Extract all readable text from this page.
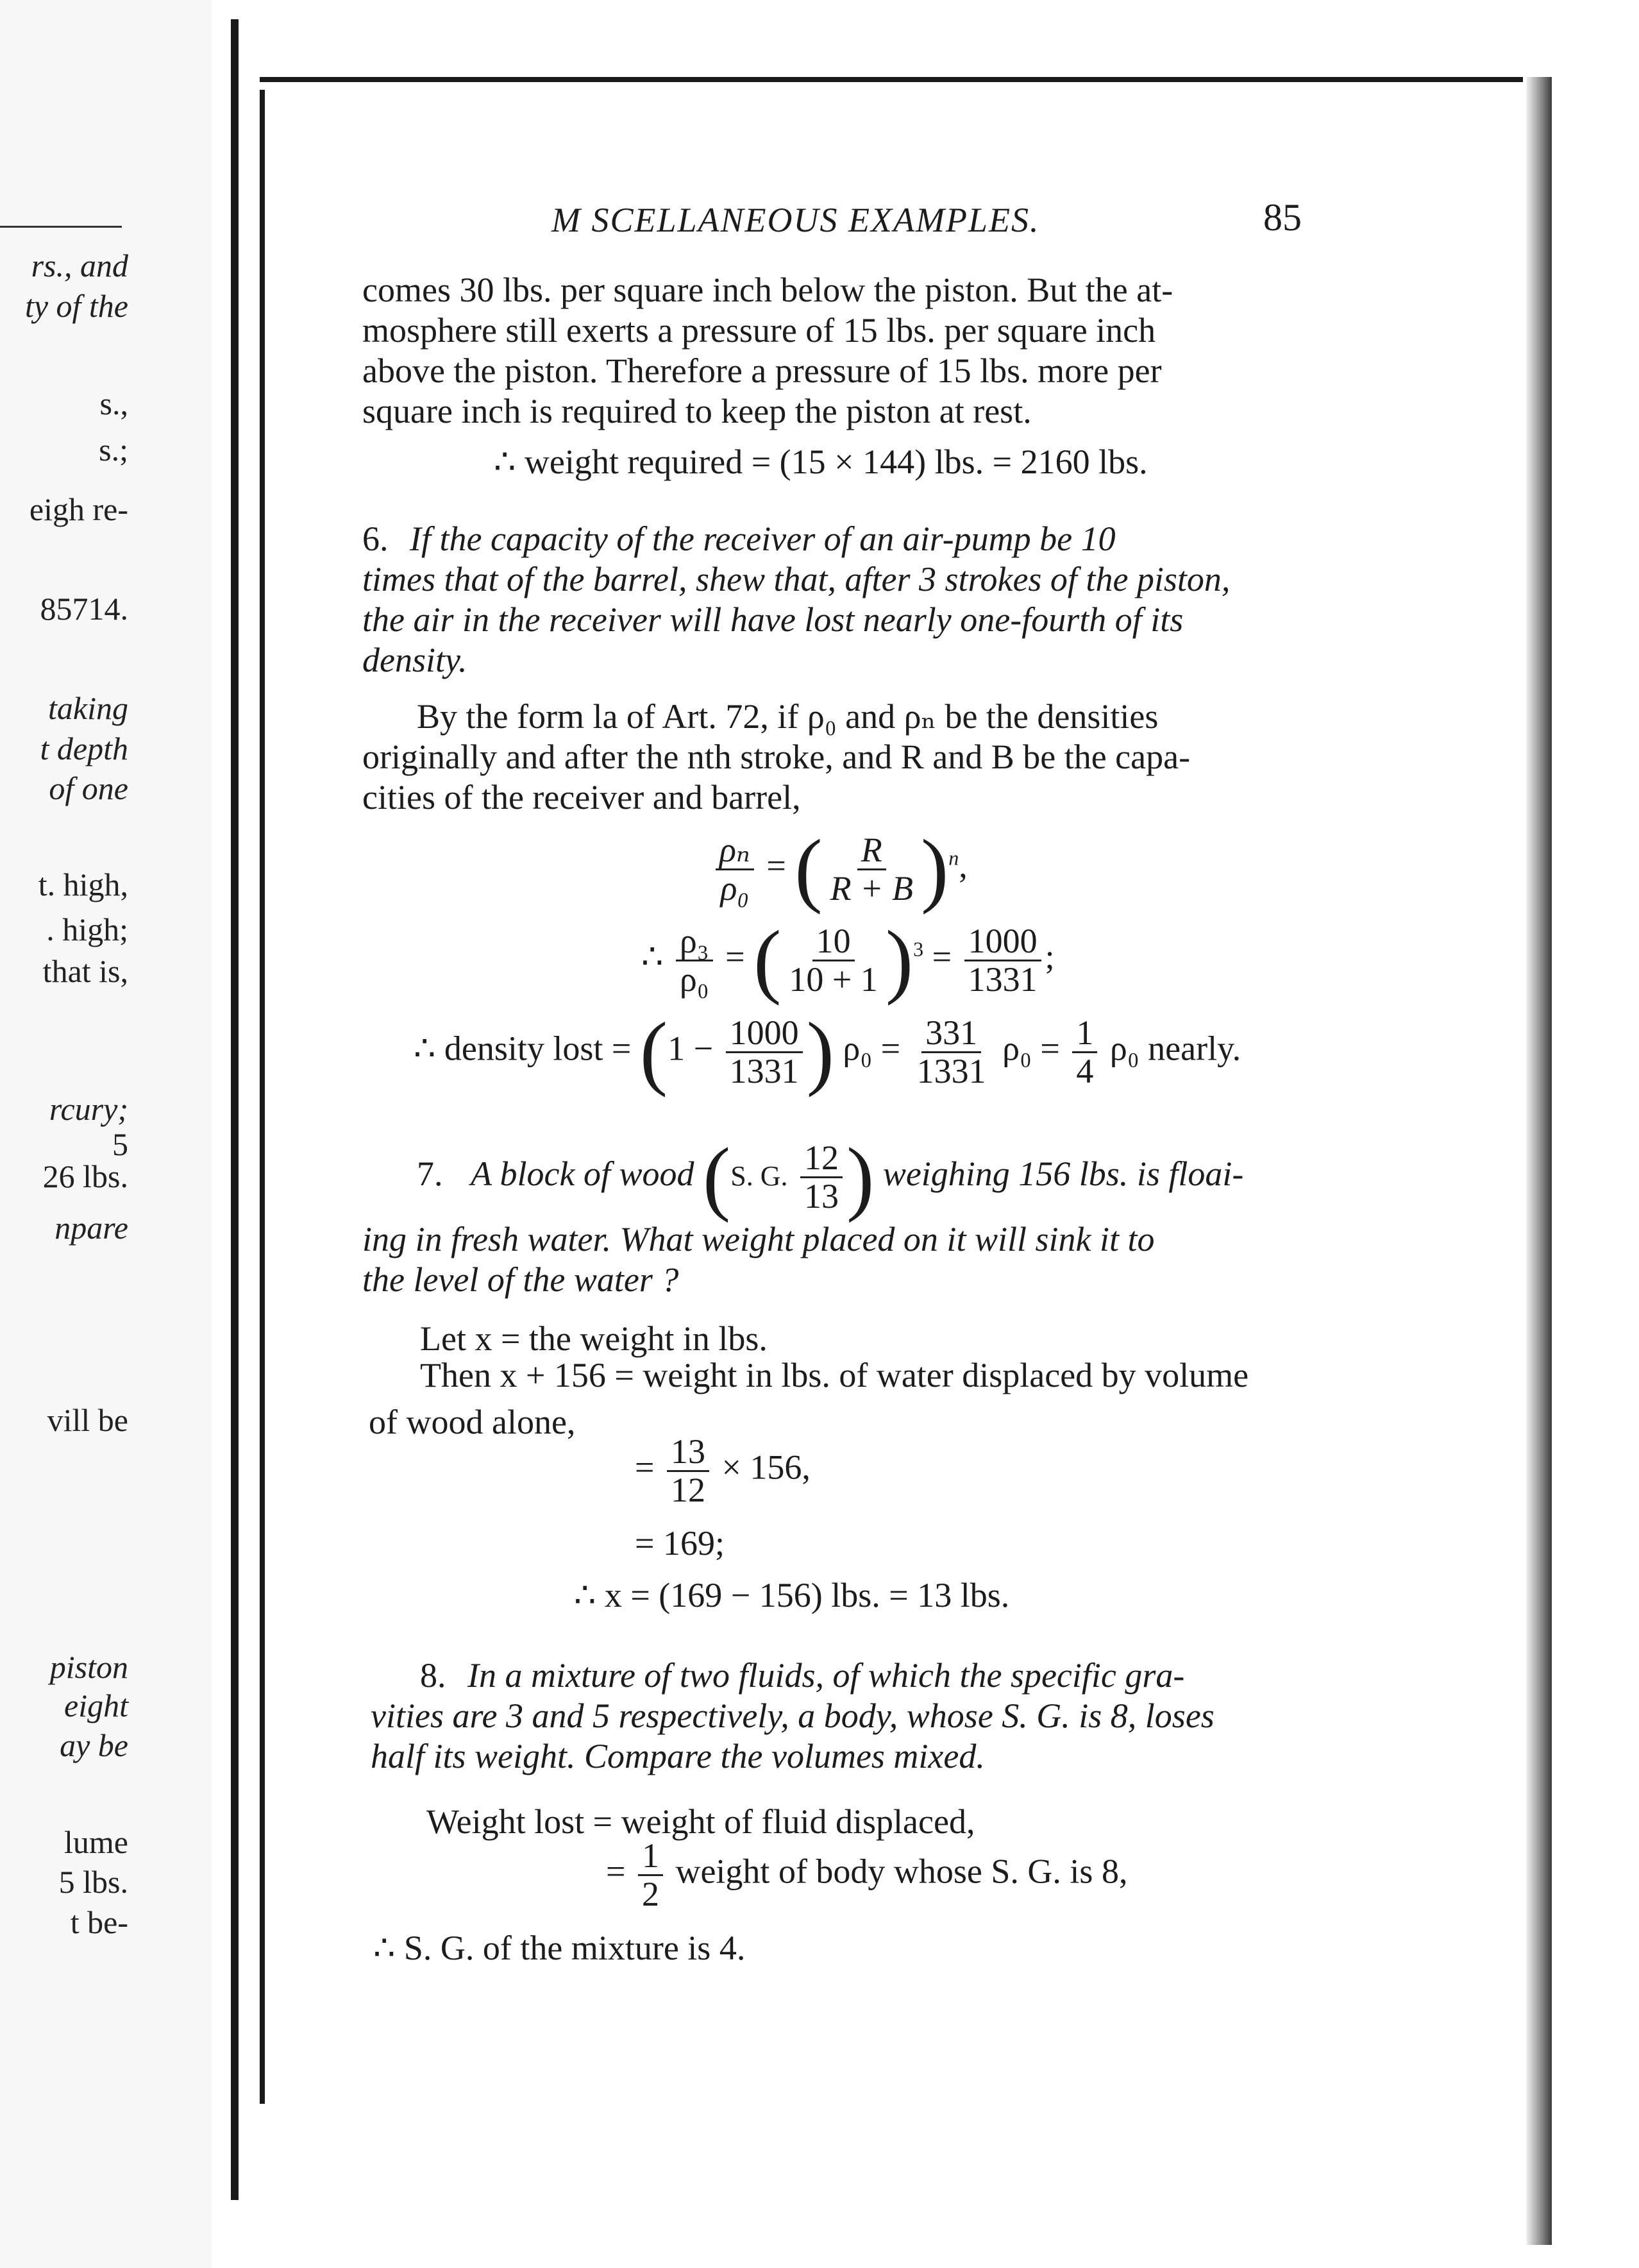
rs., and
ty of the
s.,
s.;
eigh re-
85714.
taking
t depth
of one
t. high,
. high;
that is,
rcury;
5
26 lbs.
npare
vill be
piston
eight
ay be
lume
5 lbs.
t be-
M SCELLANEOUS EXAMPLES.	85
comes 30 lbs. per square inch below the piston. But the at-
mosphere still exerts a pressure of 15 lbs. per square inch
above the piston. Therefore a pressure of 15 lbs. more per
square inch is required to keep the piston at rest.
∴ weight required = (15 × 144) lbs. = 2160 lbs.
6. If the capacity of the receiver of an air-pump be 10
times that of the barrel, shew that, after 3 strokes of the piston,
the air in the receiver will have lost nearly one-fourth of its
density.
By the form la of Art. 72, if ρ₀ and ρₙ be the densities
originally and after the nth stroke, and R and B be the capa-
cities of the receiver and barrel,
$\frac{\text{ρₙ}}{\text{ρ₀}}$ = ( $\frac{R}{R + B} )^n$,
∴ $\frac{\text{ρ₃}}{\text{ρ₀}}$ = ( $\frac{10}{10 + 1} )^3 = \frac{1000}{1331}$ ;
∴ density lost = ($1 - \frac{1000}{1331}$ ) $\rho_0 = \frac{331}{1331} \rho_0 = \frac{1}{4} \rho_0$ nearly.
7. A block of wood (S. G. $\frac{12}{13}$ ) weighing 156 lbs. is floai-
ing in fresh water. What weight placed on it will sink it to
the level of the water ?
Let x = the weight in lbs.
Then x + 156 = weight in lbs. of water displaced by volume
of wood alone,
= $\frac{13}{12} \times 156$,
= 169;
∴ x = (169 − 156) lbs. = 13 lbs.
8. In a mixture of two fluids, of which the specific gra-
vities are 3 and 5 respectively, a body, whose S. G. is 8, loses
half its weight. Compare the volumes mixed.
Weight lost = weight of fluid displaced,
= $\frac{1}{2}$ weight of body whose S. G. is 8,
∴ S. G. of the mixture is 4.
